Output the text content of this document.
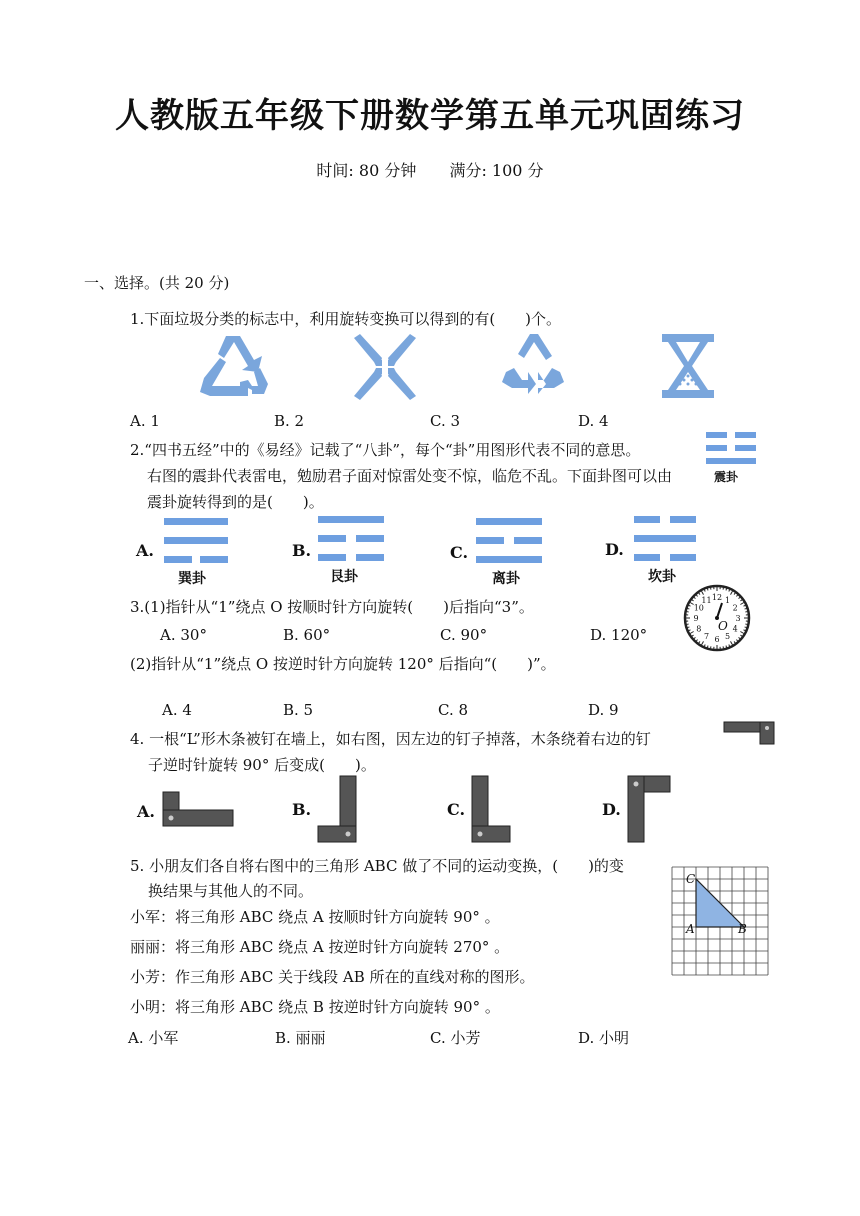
人教版五年级下册数学第五单元巩固练习
时间: 80 分钟 满分: 100 分
一、选择。(共 20 分)
1.下面垃圾分类的标志中，利用旋转变换可以得到的有(　　)个。
A. 1	B. 2	C. 3	D. 4
2.“四书五经”中的《易经》记载了“八卦”，每个“卦”用图形代表不同的意思。
右图的震卦代表雷电，勉励君子面对惊雷处变不惊，临危不乱。下面卦图可以由
震卦旋转得到的是(　　)。
震卦
A.
巽卦
B.
艮卦
C.
离卦
D.
坎卦
3.(1)指针从“1”绕点 O 按顺时针方向旋转(　　)后指向“3”。
A. 30°	B. 60°	C. 90°	D. 120°
(2)指针从“1”绕点 O 按逆时针方向旋转 120° 后指向“(　　)”。
A. 4	B. 5	C. 8	D. 9
12 1
2
3
4
5
6
7
8
9
10
11
O
4. 一根“L”形木条被钉在墙上，如右图，因左边的钉子掉落，木条绕着右边的钉
子逆时针旋转 90° 后变成(　　)。
A.	B.	C.	D.
5. 小朋友们各自将右图中的三角形 ABC 做了不同的运动变换，(　　)的变
换结果与其他人的不同。
小军：将三角形 ABC 绕点 A 按顺时针方向旋转 90° 。
丽丽：将三角形 ABC 绕点 A 按逆时针方向旋转 270° 。
小芳：作三角形 ABC 关于线段 AB 所在的直线对称的图形。
小明：将三角形 ABC 绕点 B 按逆时针方向旋转 90° 。
A. 小军	B. 丽丽	C. 小芳	D. 小明
C
A	B
